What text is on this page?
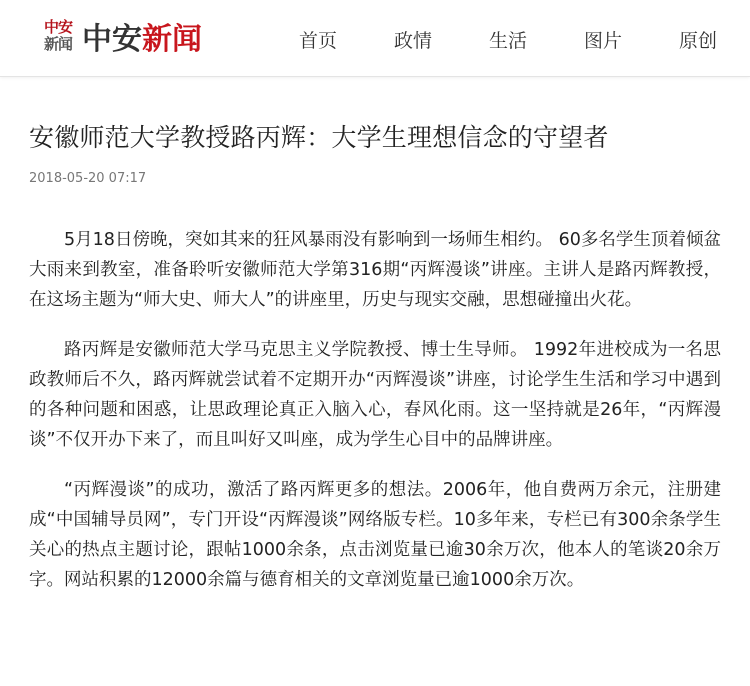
中安
新闻 中安新闻	首页	政情	生活	图片	原创
安徽师范大学教授路丙辉：大学生理想信念的守望者
2018-05-20 07:17

5月18日傍晚，突如其来的狂风暴雨没有影响到一场师生相约。 60多名学生顶着倾盆大雨来到教室，准备聆听安徽师范大学第316期“丙辉漫谈”讲座。主讲人是路丙辉教授，在这场主题为“师大史、师大人”的讲座里，历史与现实交融，思想碰撞出火花。

路丙辉是安徽师范大学马克思主义学院教授、博士生导师。 1992年进校成为一名思政教师后不久，路丙辉就尝试着不定期开办“丙辉漫谈”讲座，讨论学生生活和学习中遇到的各种问题和困惑，让思政理论真正入脑入心，春风化雨。这一坚持就是26年，“丙辉漫谈”不仅开办下来了，而且叫好又叫座，成为学生心目中的品牌讲座。

“丙辉漫谈”的成功，激活了路丙辉更多的想法。2006年，他自费两万余元，注册建成“中国辅导员网”，专门开设“丙辉漫谈”网络版专栏。10多年来，专栏已有300余条学生关心的热点主题讨论，跟帖1000余条，点击浏览量已逾30余万次，他本人的笔谈20余万字。网站积累的12000余篇与德育相关的文章浏览量已逾1000余万次。
